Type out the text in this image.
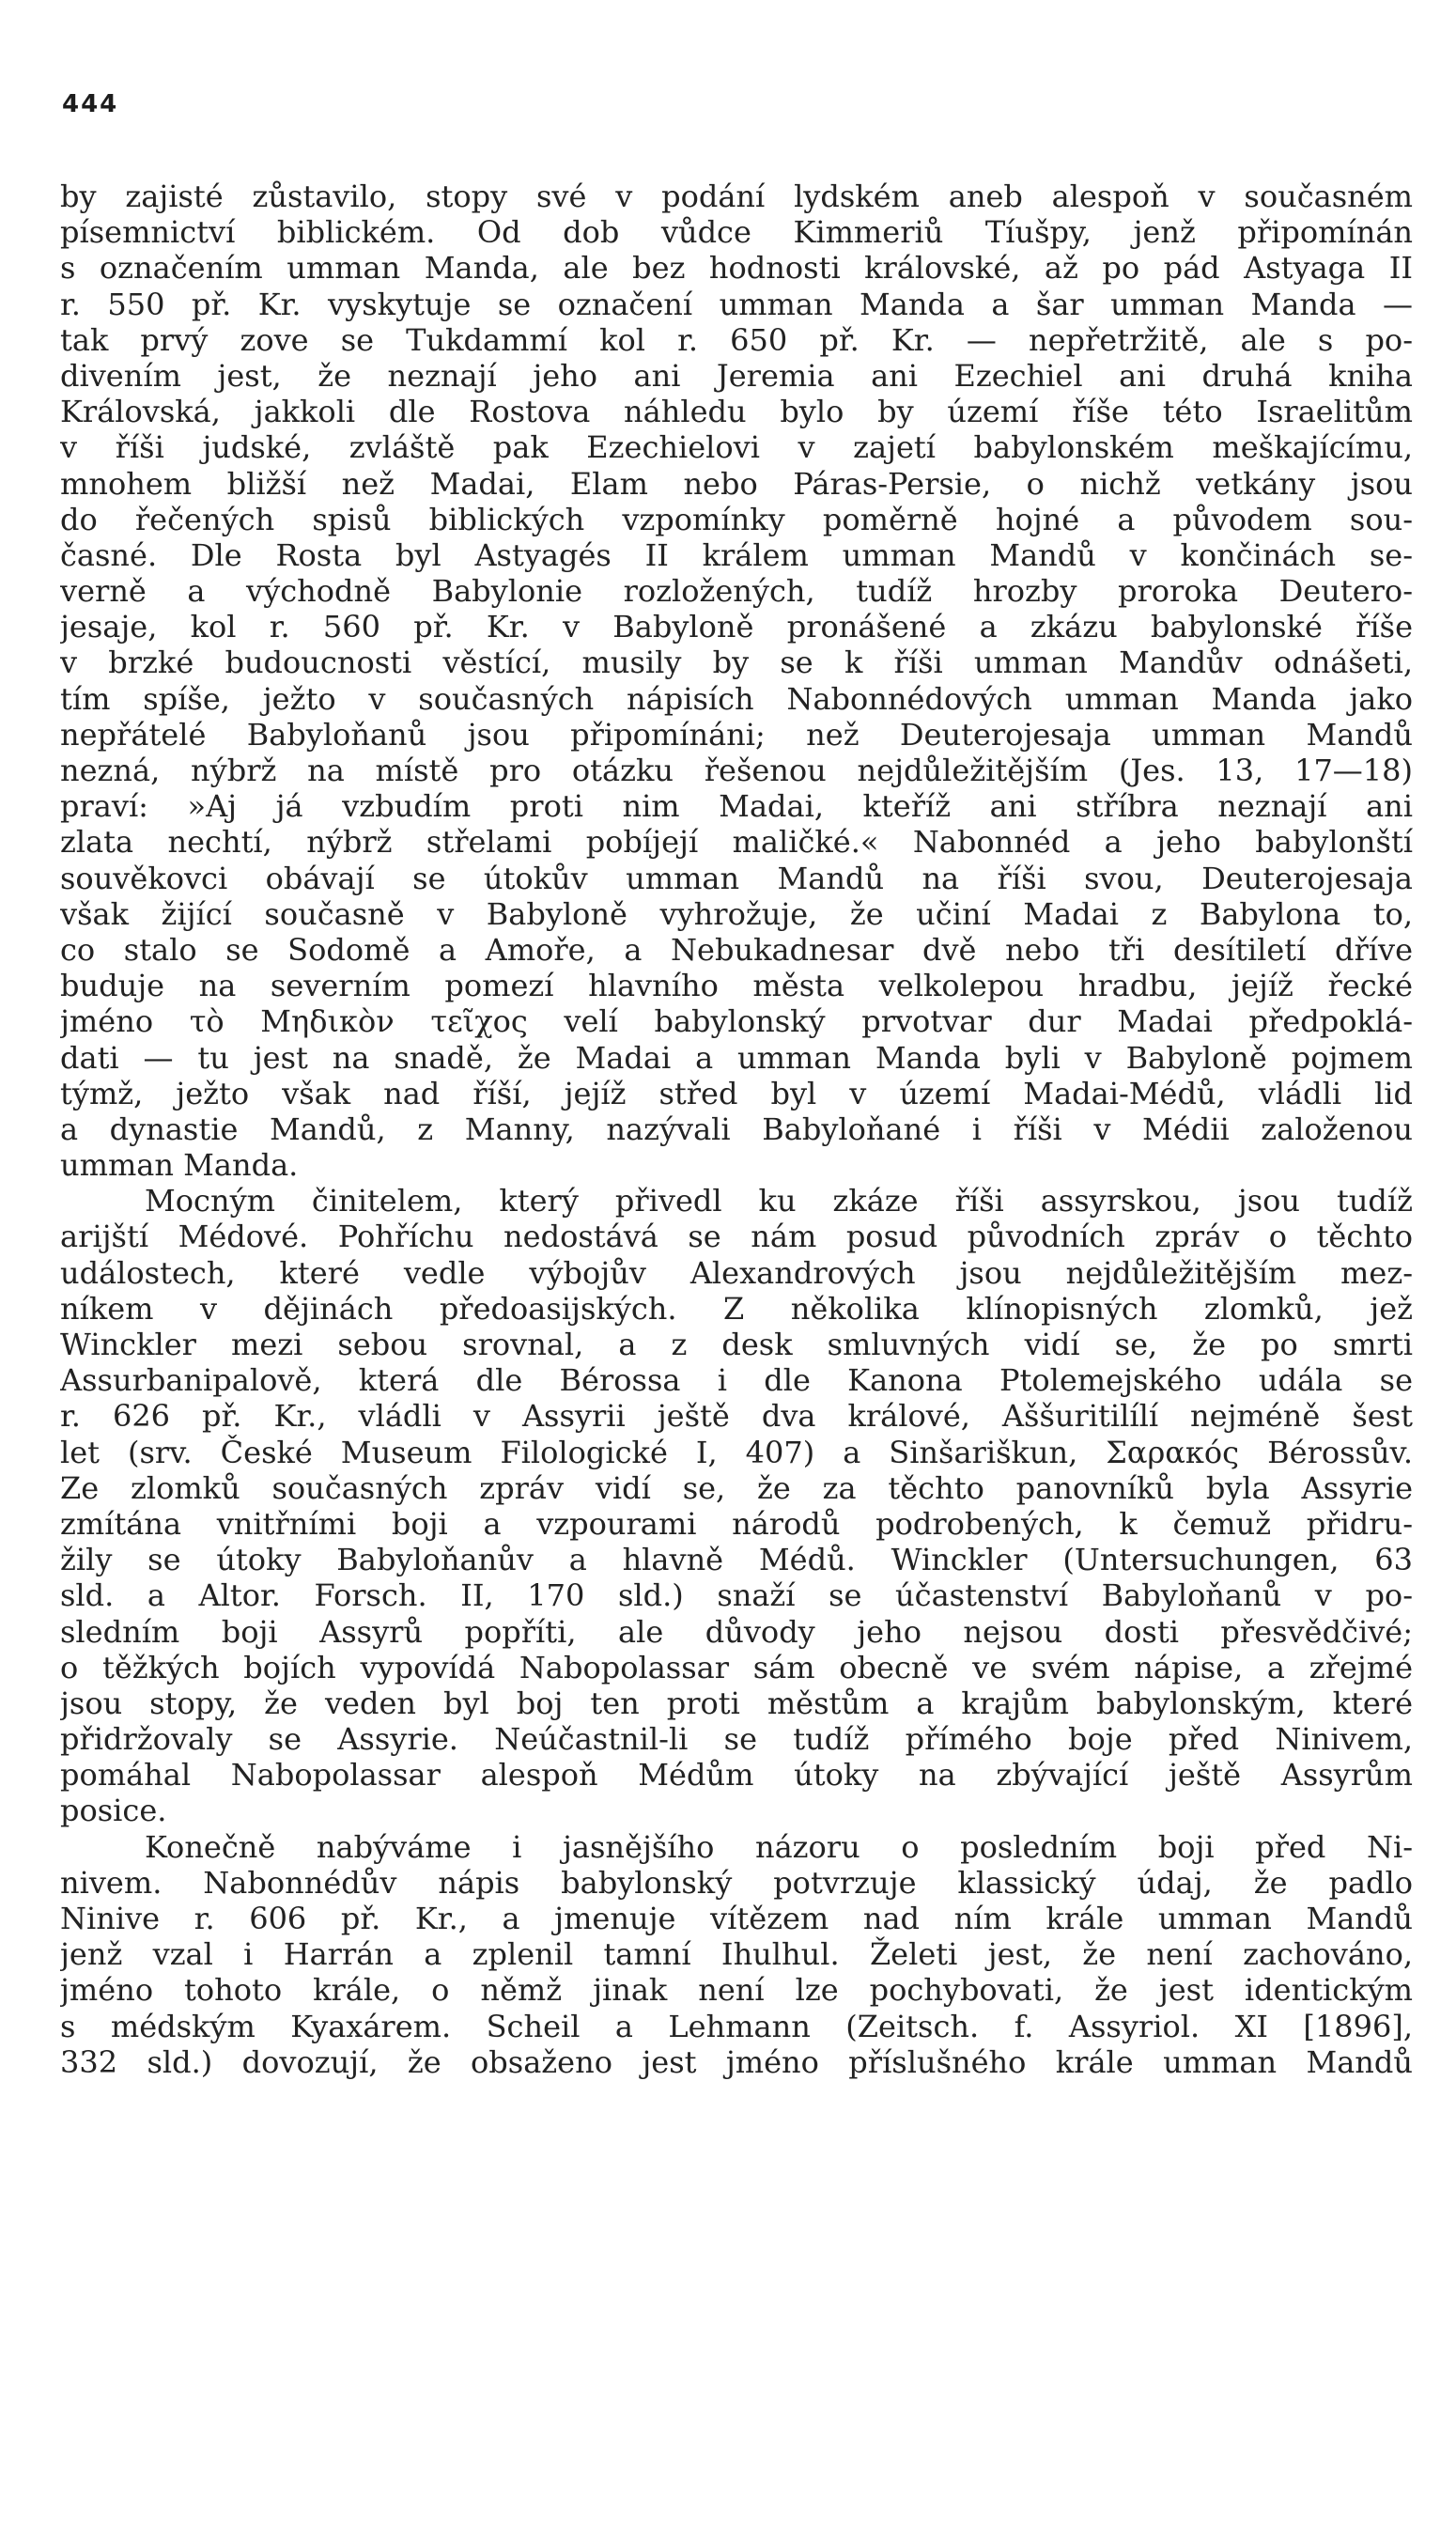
444
by zajisté zůstavilo, stopy své v podání lydském aneb alespoň v současném
písemnictví biblickém. Od dob vůdce Kimmeriů Tíušpy, jenž připomínán
s označením umman Manda, ale bez hodnosti královské, až po pád Astyaga II
r. 550 př. Kr. vyskytuje se označení umman Manda a šar umman Manda —
tak prvý zove se Tukdammí kol r. 650 př. Kr. — nepřetržitě, ale s po-
divením jest, že neznají jeho ani Jeremia ani Ezechiel ani druhá kniha
Královská, jakkoli dle Rostova náhledu bylo by území říše této Israelitům
v říši judské, zvláště pak Ezechielovi v zajetí babylonském meškajícímu,
mnohem bližší než Madai, Elam nebo Páras-Persie, o nichž vetkány jsou
do řečených spisů biblických vzpomínky poměrně hojné a původem sou-
časné. Dle Rosta byl Astyagés II králem umman Mandů v končinách se-
verně a východně Babylonie rozložených, tudíž hrozby proroka Deutero-
jesaje, kol r. 560 př. Kr. v Babyloně pronášené a zkázu babylonské říše
v brzké budoucnosti věstící, musily by se k říši umman Mandův odnášeti,
tím spíše, ježto v současných nápisích Nabonnédových umman Manda jako
nepřátelé Babyloňanů jsou připomínáni; než Deuterojesaja umman Mandů
nezná, nýbrž na místě pro otázku řešenou nejdůležitějším (Jes. 13, 17—18)
praví: »Aj já vzbudím proti nim Madai, kteříž ani stříbra neznají ani
zlata nechtí, nýbrž střelami pobíjejí maličké.« Nabonnéd a jeho babylonští
souvěkovci obávají se útokův umman Mandů na říši svou, Deuterojesaja
však žijící současně v Babyloně vyhrožuje, že učiní Madai z Babylona to,
co stalo se Sodomě a Amoře, a Nebukadnesar dvě nebo tři desítiletí dříve
buduje na severním pomezí hlavního města velkolepou hradbu, jejíž řecké
jméno τὸ Μηδικὸν τεῖχος velí babylonský prvotvar dur Madai předpoklá-
dati — tu jest na snadě, že Madai a umman Manda byli v Babyloně pojmem
týmž, ježto však nad říší, jejíž střed byl v území Madai-Médů, vládli lid
a dynastie Mandů, z Manny, nazývali Babyloňané i říši v Médii založenou
umman Manda.
Mocným činitelem, který přivedl ku zkáze říši assyrskou, jsou tudíž
arijští Médové. Pohříchu nedostává se nám posud původních zpráv o těchto
událostech, které vedle výbojův Alexandrových jsou nejdůležitějším mez-
níkem v dějinách předoasijských. Z několika klínopisných zlomků, jež
Winckler mezi sebou srovnal, a z desk smluvných vidí se, že po smrti
Assurbanipalově, která dle Bérossa i dle Kanona Ptolemejského udála se
r. 626 př. Kr., vládli v Assyrii ještě dva králové, Aššuritilílí nejméně šest
let (srv. České Museum Filologické I, 407) a Sinšariškun, Σαρακός Bérossův.
Ze zlomků současných zpráv vidí se, že za těchto panovníků byla Assyrie
zmítána vnitřními boji a vzpourami národů podrobených, k čemuž přidru-
žily se útoky Babyloňanův a hlavně Médů. Winckler (Untersuchungen, 63
sld. a Altor. Forsch. II, 170 sld.) snaží se účastenství Babyloňanů v po-
sledním boji Assyrů popříti, ale důvody jeho nejsou dosti přesvědčivé;
o těžkých bojích vypovídá Nabopolassar sám obecně ve svém nápise, a zřejmé
jsou stopy, že veden byl boj ten proti městům a krajům babylonským, které
přidržovaly se Assyrie. Neúčastnil-li se tudíž přímého boje před Ninivem,
pomáhal Nabopolassar alespoň Médům útoky na zbývající ještě Assyrům
posice.
Konečně nabýváme i jasnějšího názoru o posledním boji před Ni-
nivem. Nabonnédův nápis babylonský potvrzuje klassický údaj, že padlo
Ninive r. 606 př. Kr., a jmenuje vítězem nad ním krále umman Mandů
jenž vzal i Harrán a zplenil tamní Ihulhul. Želeti jest, že není zachováno,
jméno tohoto krále, o němž jinak není lze pochybovati, že jest identickým
s médským Kyaxárem. Scheil a Lehmann (Zeitsch. f. Assyriol. XI [1896],
332 sld.) dovozují, že obsaženo jest jméno příslušného krále umman Mandů
